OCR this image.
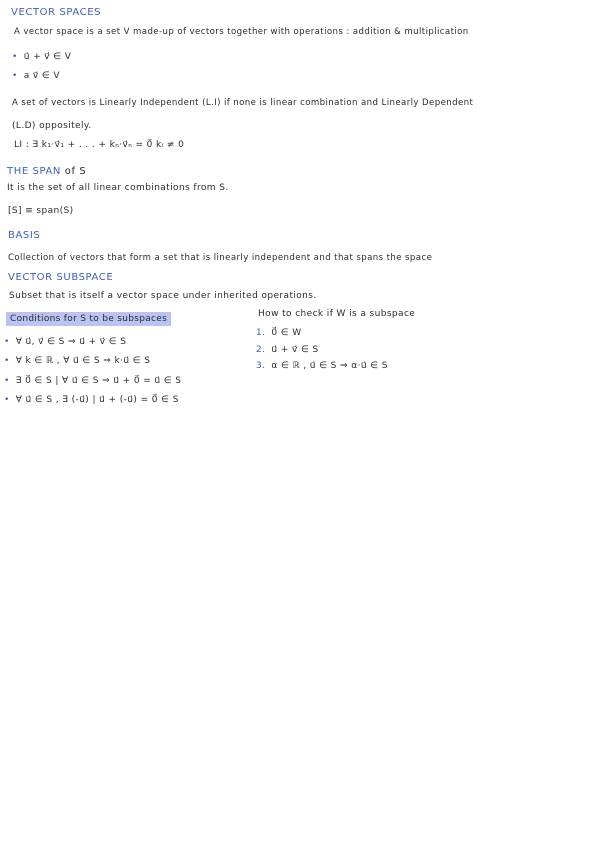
VECTOR SPACES
A vector space is a set V made-up of vectors together with operations : addition & multiplication
• u⃗ + v⃗ ∈ V
• a v⃗ ∈ V
A set of vectors is Linearly Independent (L.I) if none is linear combination and Linearly Dependent
(L.D) oppositely.
LI : ∃ k₁·v⃗₁ + . . . + kₙ·v⃗ₙ = 0⃗ kᵢ ≠ 0
THE SPAN of S
It is the set of all linear combinations from S.
[S] ≡ span(S)
BASIS
Collection of vectors that form a set that is linearly independent and that spans the space
VECTOR SUBSPACE
Subset that is itself a vector space under inherited operations.
Conditions for S to be subspaces
• ∀ u⃗, v⃗ ∈ S ⇒ u⃗ + v⃗ ∈ S
• ∀ k ∈ ℝ , ∀ u⃗ ∈ S ⇒ k·u⃗ ∈ S
• ∃ 0⃗ ∈ S | ∀ u⃗ ∈ S ⇒ u⃗ + 0⃗ = u⃗ ∈ S
• ∀ u⃗ ∈ S , ∃ (-u⃗) | u⃗ + (-u⃗) = 0⃗ ∈ S
How to check if W is a subspace
1. 0⃗ ∈ W
2. u⃗ + v⃗ ∈ S
3. α ∈ ℝ , u⃗ ∈ S ⇒ α·u⃗ ∈ S
